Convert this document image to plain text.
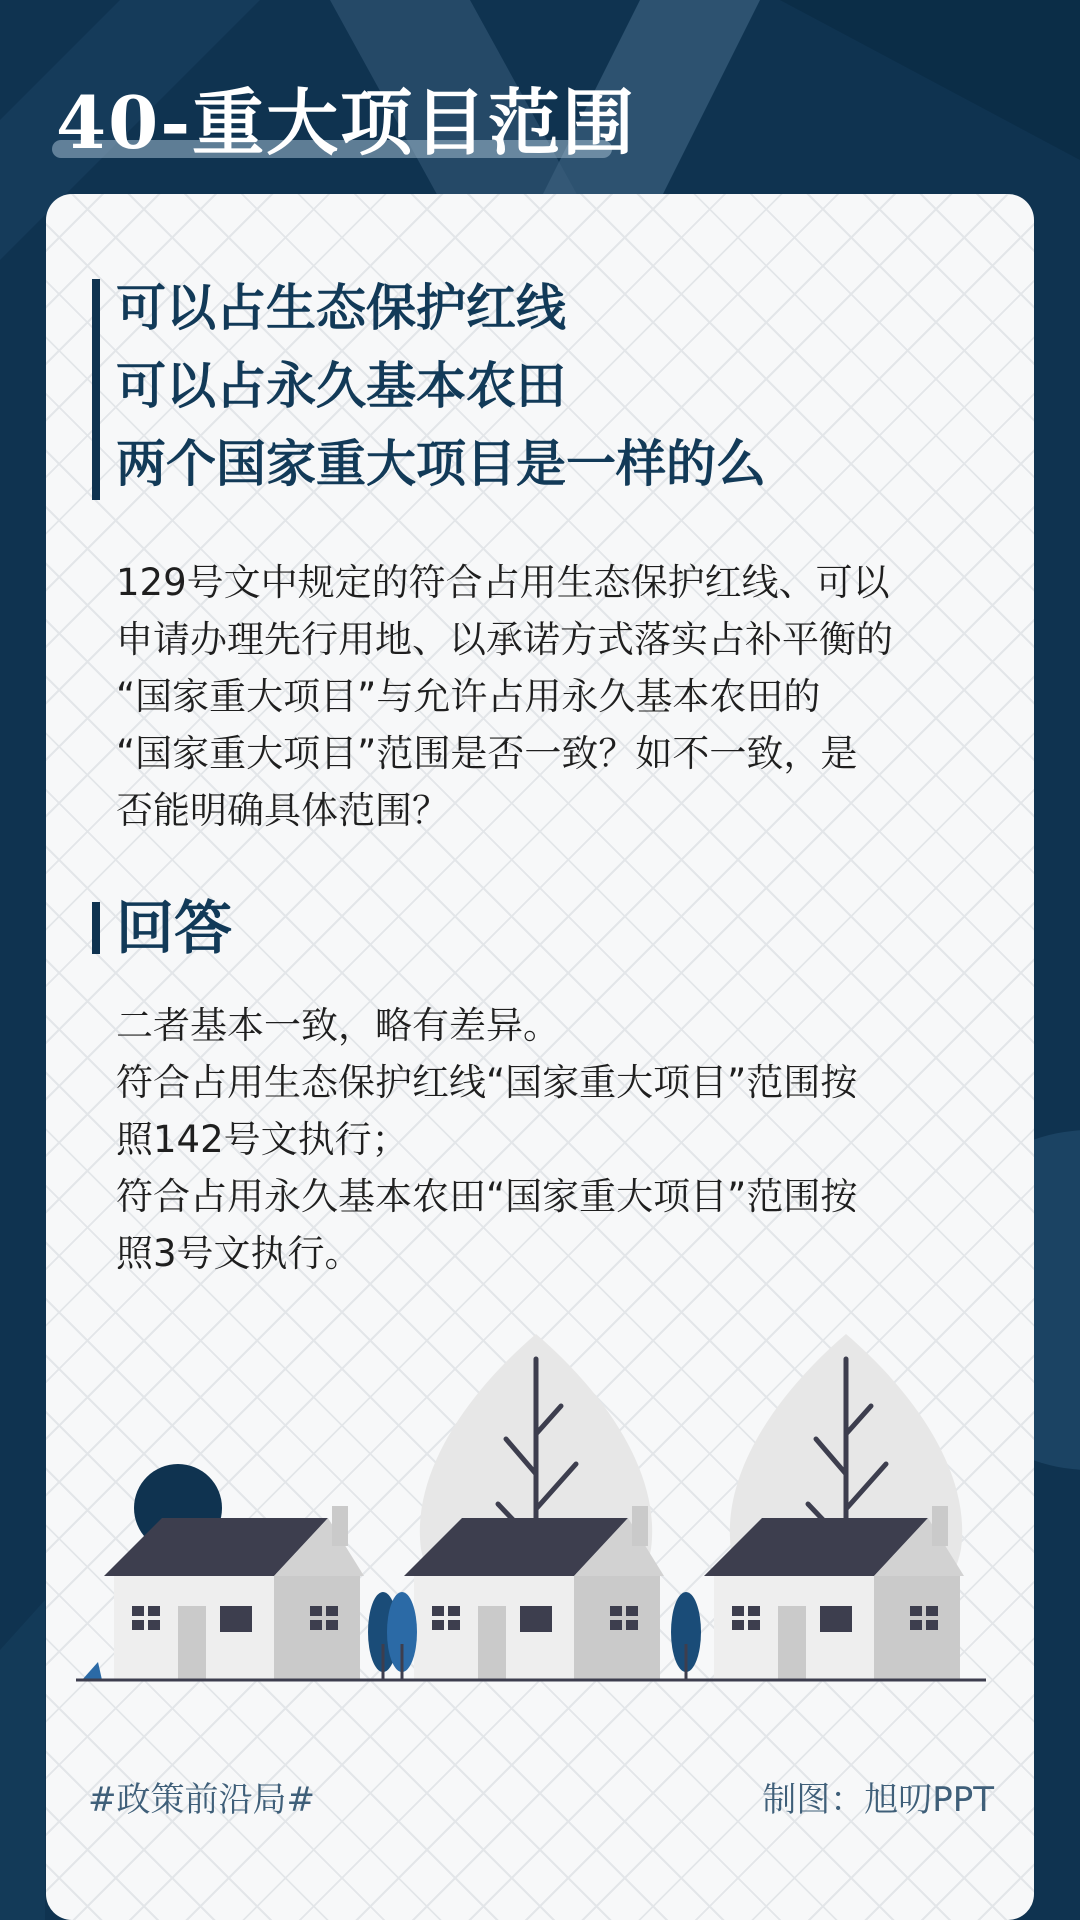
40-重大项目范围
可以占生态保护红线
可以占永久基本农田
两个国家重大项目是一样的么
129号文中规定的符合占用生态保护红线、可以
申请办理先行用地、以承诺方式落实占补平衡的
“国家重大项目”与允许占用永久基本农田的
“国家重大项目”范围是否一致？如不一致，是
否能明确具体范围？
回答
二者基本一致，略有差异。
符合占用生态保护红线“国家重大项目”范围按
照142号文执行；
符合占用永久基本农田“国家重大项目”范围按
照3号文执行。
#政策前沿局#	制图：旭叨PPT
